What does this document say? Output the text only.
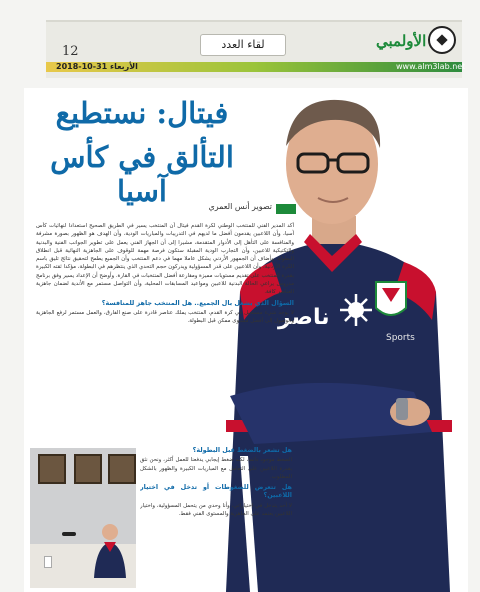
12	لقاء العدد	الأولمبي
الأربعاء 31-10-2018	www.alm3lab.net
ناصر
Sports
فيتال: نستطيع
التألق في كأس آسيا	تصوير أنس العمري
أكد المدير الفني للمنتخب الوطني لكرة القدم فيتال أن المنتخب يسير في الطريق الصحيح استعدادا لنهائيات كأس آسيا، وأن اللاعبين يقدمون أفضل ما لديهم في التدريبات والمباريات الودية، وأن الهدف هو الظهور بصورة مشرفة والمنافسة على التأهل إلى الأدوار المتقدمة، مشيرا إلى أن الجهاز الفني يعمل على تطوير الجوانب الفنية والبدنية والتكتيكية للاعبين، وأن التجارب الودية المقبلة ستكون فرصة مهمة للوقوف على الجاهزية النهائية قبل انطلاق البطولة. وأضاف أن الجمهور الأردني يشكل عاملا مهما في دعم المنتخب وأن الجميع يطمح لتحقيق نتائج تليق باسم الكرة الأردنية، وأن اللاعبين على قدر المسؤولية ويدركون حجم التحدي الذي ينتظرهم في البطولة، مؤكدا ثقته الكبيرة بقدرة المنتخب على تقديم مستويات مميزة ومقارعة أفضل المنتخبات في القارة. وأوضح أن الإعداد يسير وفق برنامج مدروس يراعي الحالة البدنية للاعبين ومواعيد المسابقات المحلية، وأن التواصل مستمر مع الأندية لضمان جاهزية العناصر كافة.
السؤال الذي يشغل بال الجميع.. هل المنتخب جاهز للمنافسة؟
لا يوجد شيء مستحيل في كرة القدم، المنتخب يملك عناصر قادرة على صنع الفارق، والعمل مستمر لرفع الجاهزية والوصول إلى أفضل مستوى ممكن قبل البطولة.
هل تشعر بالضغط قبل البطولة؟
الضغط موجود دائما، لكنه ضغط إيجابي يدفعنا للعمل أكثر، ونحن نثق بقدرة اللاعبين على التعامل مع المباريات الكبيرة والظهور بالشكل المطلوب.
هل تتعرض للضغوطات أو تدخل في اختيار اللاعبين؟
لا أحد يتدخل في اختياراتي، وأنا وحدي من يتحمل المسؤولية، واختيار اللاعبين يعتمد على الجاهزية والمستوى الفني فقط.
